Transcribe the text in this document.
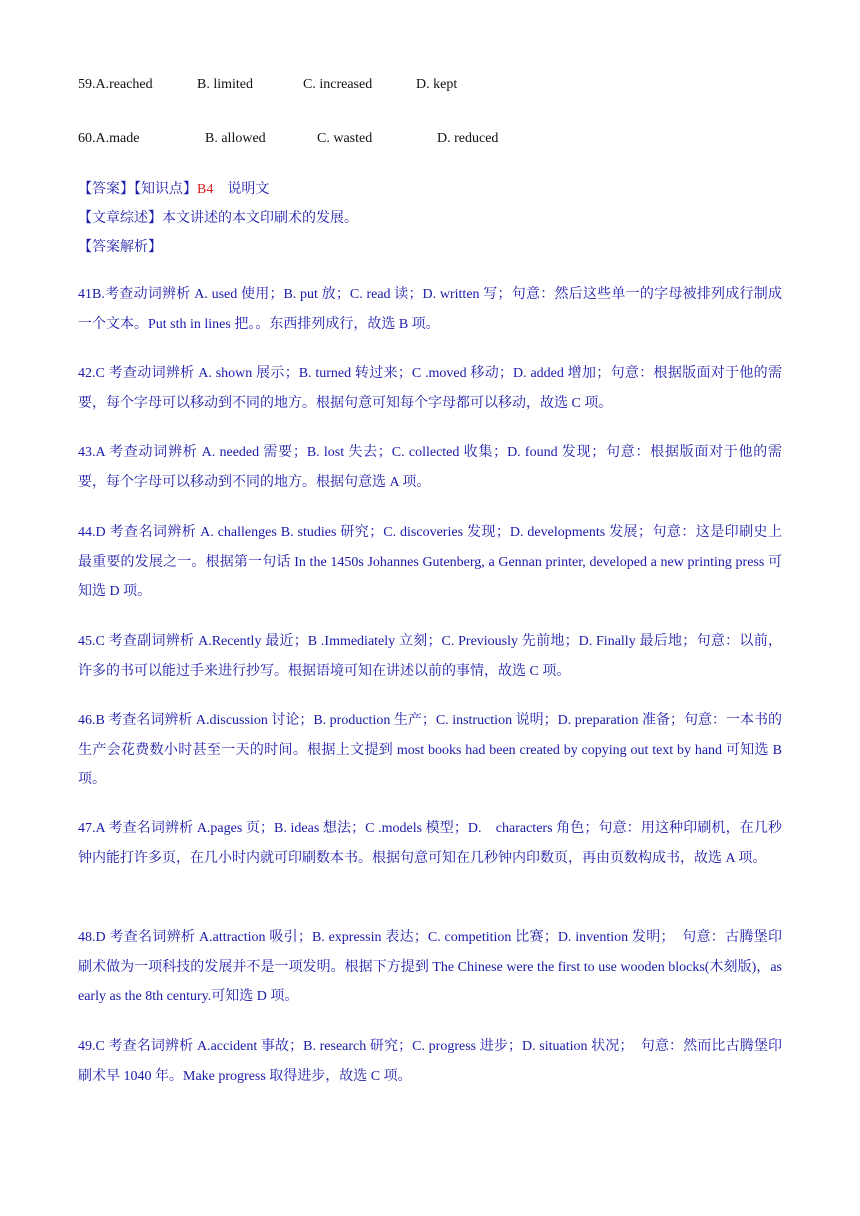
59.A.reached	B. limited	C. increased	D. kept
60.A.made	B. allowed	C. wasted	D. reduced
【答案】【知识点】B4 说明文
【文章综述】本文讲述的本文印刷术的发展。
【答案解析】
41B.考查动词辨析 A. used 使用；B. put 放；C. read 读；D. written 写；句意：然后这些单一的字母被排列成行制成一个文本。Put sth in lines 把。。东西排列成行，故选 B 项。
42.C 考查动词辨析 A. shown 展示；B. turned 转过来；C .moved 移动；D. added 增加；句意：根据版面对于他的需要，每个字母可以移动到不同的地方。根据句意可知每个字母都可以移动，故选 C 项。
43.A 考查动词辨析 A. needed 需要；B. lost 失去；C. collected 收集；D. found 发现；句意：根据版面对于他的需要，每个字母可以移动到不同的地方。根据句意选 A 项。
44.D 考查名词辨析 A. challenges B. studies 研究；C. discoveries 发现；D. developments 发展；句意：这是印刷史上最重要的发展之一。根据第一句话 In the 1450s Johannes Gutenberg, a Gennan printer, developed a new printing press 可知选 D 项。
45.C 考查副词辨析 A.Recently 最近；B .Immediately 立刻；C. Previously 先前地；D. Finally 最后地；句意：以前，许多的书可以能过手来进行抄写。根据语境可知在讲述以前的事情，故选 C 项。
46.B 考查名词辨析 A.discussion 讨论；B. production 生产；C. instruction 说明；D. preparation 准备；句意：一本书的生产会花费数小时甚至一天的时间。根据上文提到 most books had been created by copying out text by hand 可知选 B 项。
47.A 考查名词辨析 A.pages 页；B. ideas 想法；C .models 模型；D.　characters 角色；句意：用这种印刷机，在几秒钟内能打许多页，在几小时内就可印刷数本书。根据句意可知在几秒钟内印数页，再由页数构成书，故选 A 项。
48.D 考查名词辨析 A.attraction 吸引；B. expressin 表达；C. competition 比赛；D. invention 发明；　句意：古腾堡印刷术做为一项科技的发展并不是一项发明。根据下方提到 The Chinese were the first to use wooden blocks(木刻版)，as early as the 8th century.可知选 D 项。
49.C 考查名词辨析 A.accident 事故；B. research 研究；C. progress 进步；D. situation 状况；　句意：然而比古腾堡印刷术早 1040 年。Make progress 取得进步，故选 C 项。
